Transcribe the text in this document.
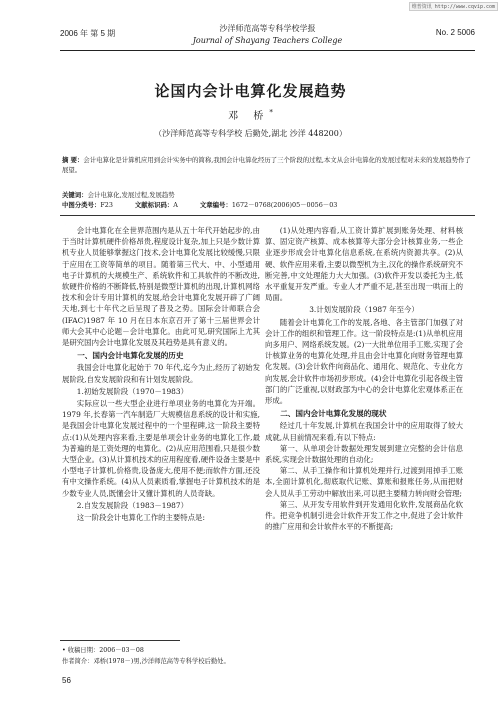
维普资讯 http://www.cqvip.com
2006 年 第 5 期
沙洋师范高等专科学校学报
Journal of Shayang Teachers College
No. 2 5006
论国内会计电算化发展趋势
邓 桥*
（沙洋师范高等专科学校 后勤处,湖北 沙洋 448200）
摘 要：会计电算化是计算机应用到会计实务中的简称,我国会计电算化经历了三个阶段的过程,本文从会计电算化的发展过程对未来的发展趋势作了展望。
关键词：会计电算化,发展过程,发展趋势
中图分类号：F23	文献标识码：A	文章编号：1672－0768(2006)05－0056－03

会计电算化在全世界范围内是从五十年代开始起步的,由于当时计算机硬件价格昂贵,程度设计复杂,加上只是少数计算机专业人员能够掌握这门技术,会计电算化发展比较缓慢,只限于应用在工资等简单的项目。随着第三代大、中、小型通用电子计算机的大规模生产、系统软件和工具软件的不断改进,软硬件价格的不断降低,特别是微型计算机的出现,计算机网络技术和会计专用计算机的发展,给会计电算化发展开辟了广阔天地,到七十年代之后呈现了普及之势。国际会计师联合会(IFAC)1987 年 10 月在日本东京召开了第十三届世界会计师大会其中心论题－会计电算化。由此可见,研究国际上尤其是研究国内会计电算化发展及其趋势是具有意义的。

一、国内会计电算化发展的历史

我国会计电算化起始于 70 年代,迄今为止,经历了初始发展阶段,自发发展阶段和有计划发展阶段。

1.初始发展阶段（1970－1983）

实际应以一些大型企业进行单项业务的电算化为开端。1979 年,长春第一汽车制造厂大规模信息系统的设计和实施,是我国会计电算化发展过程中的一个里程碑,这一阶段主要特点:(1)从处理内容来看,主要是单项会计业务的电算化工作,最为普遍的是工资处理的电算化。(2)从应用范围看,只是很少数大型企业。(3)从计算机技术的应用程度看,硬件设备主要是中小型电子计算机,价格贵,设备庞大,使用不便;而软件方面,还没有中文操作系统。(4)从人员素质看,掌握电子计算机技术的是少数专业人员,既懂会计又懂计算机的人员奇缺。

2.自发发展阶段（1983－1987）

这一阶段会计电算化工作的主要特点是:

(1)从处理内容看,从工资计算扩展到账务处理、材料核算、固定资产核算、成本核算等大部分会计核算业务,一些企业逐步形成会计电算化信息系统,在系统内资源共享。(2)从硬、软件应用来看,主要以微型机为主,汉化的操作系统研究不断完善,中文处理能力大大加强。(3)软件开发以委托为主,低水平重复开发严重。专业人才严重不足,甚至出现一哄而上的局面。

3.计划发展阶段（1987 年至今）

随着会计电算化工作的发展,各地、各主管部门加强了对会计工作的组织和管理工作。这一阶段特点是:(1)从单机应用向多用户、网络系统发展。(2)一大批单位用手工账,实现了会计核算业务的电算化处理,并且由会计电算化向财务管理电算化发展。(3)会计软件向商品化、通用化、规范化、专业化方向发展,会计软件市场初步形成。(4)会计电算化引起各级主管部门的广泛重视,以财政部为中心的会计电算化宏观体系正在形成。

二、国内会计电算化发展的现状

经过几十年发展,计算机在我国会计中的应用取得了较大成就,从目前情况来看,有以下特点:

第一、从单项会计数据处理发展到建立完整的会计信息系统,实现会计数据处理的自动化;

第二、从手工操作和计算机处理并行,过渡到用掉手工账本,全面计算机化,彻底取代记账、算账和报账任务,从而把财会人员从手工劳动中解放出来,可以把主要精力转向财会管理;

第三、从开发专用软件到开发通用化软件,发展商品化软件。把竞争机制引进会计软件开发工作之中,促进了会计软件的推广应用和会计软件水平的不断提高;

• 收稿日期：2006－03－08
作者简介：邓桥(1978－)男,沙洋师范高等专科学校后勤处。
56
